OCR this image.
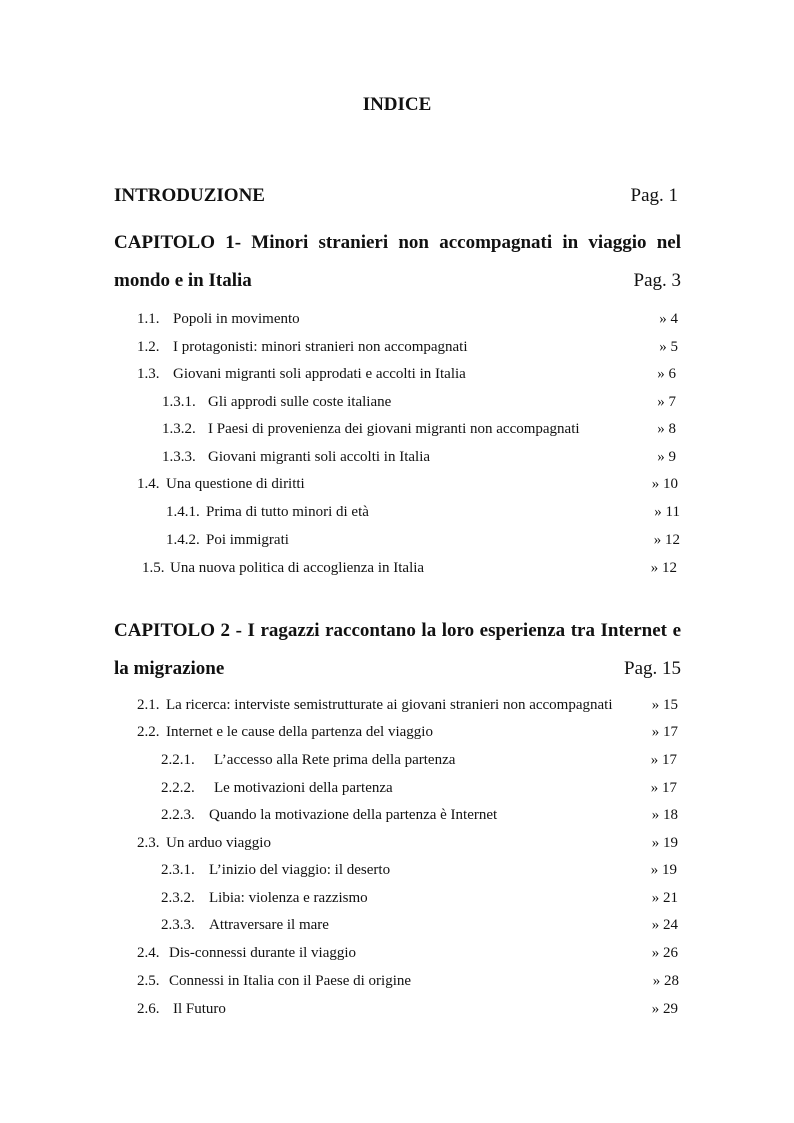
INDICE
INTRODUZIONE	Pag. 1
CAPITOLO 1- Minori stranieri non accompagnati in viaggio nel
mondo e in Italia	Pag. 3
1.1. Popoli in movimento	» 4
1.2. I protagonisti: minori stranieri non accompagnati	» 5
1.3. Giovani migranti soli approdati e accolti in Italia	» 6
1.3.1. Gli approdi sulle coste italiane	» 7
1.3.2. I Paesi di provenienza dei giovani migranti non accompagnati	» 8
1.3.3. Giovani migranti soli accolti in Italia	» 9
1.4. Una questione di diritti	» 10
1.4.1. Prima di tutto minori di età	» 11
1.4.2. Poi immigrati	» 12
1.5. Una nuova politica di accoglienza in Italia	» 12
CAPITOLO 2 - I ragazzi raccontano la loro esperienza tra Internet e
la migrazione	Pag. 15
2.1. La ricerca: interviste semistrutturate ai giovani stranieri non accompagnati	» 15
2.2. Internet e le cause della partenza del viaggio	» 17
2.2.1. L’accesso alla Rete prima della partenza	» 17
2.2.2. Le motivazioni della partenza	» 17
2.2.3. Quando la motivazione della partenza è Internet	» 18
2.3. Un arduo viaggio	» 19
2.3.1. L’inizio del viaggio: il deserto	» 19
2.3.2. Libia: violenza e razzismo	» 21
2.3.3. Attraversare il mare	» 24
2.4. Dis-connessi durante il viaggio	» 26
2.5. Connessi in Italia con il Paese di origine	» 28
2.6. Il Futuro	» 29
